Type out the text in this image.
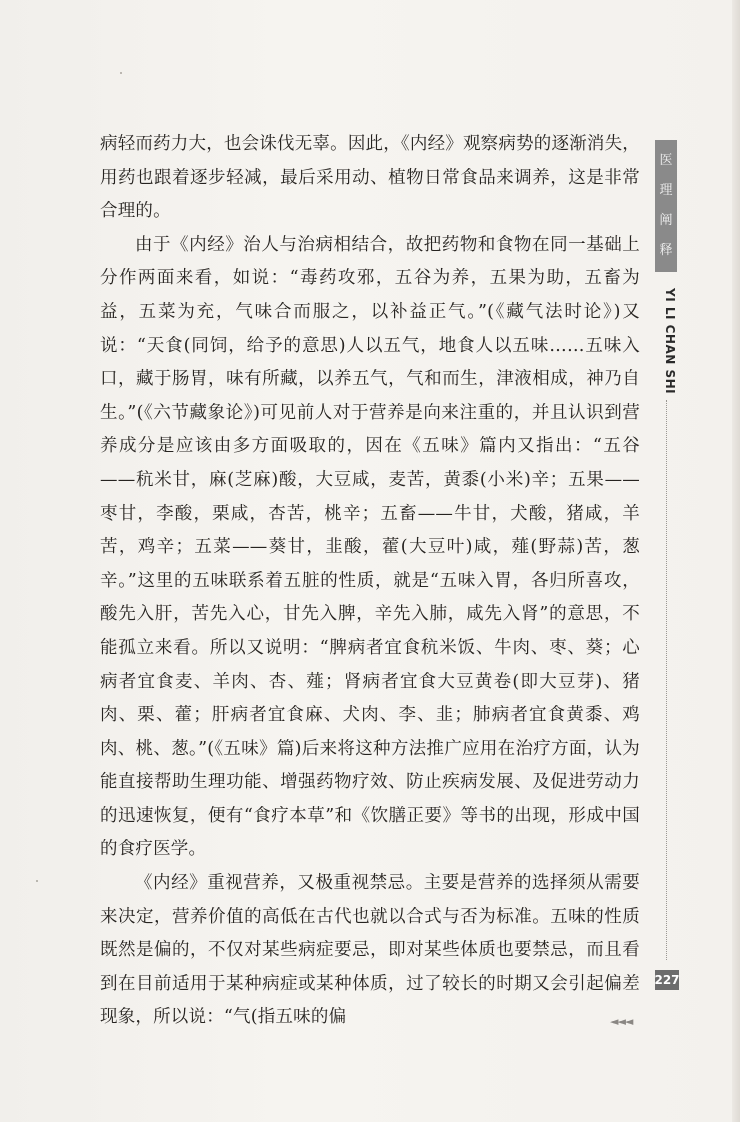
病轻而药力大，也会诛伐无辜。因此，《内经》观察病势的逐渐消失，用药也跟着逐步轻减，最后采用动、植物日常食品来调养，这是非常合理的。

由于《内经》治人与治病相结合，故把药物和食物在同一基础上分作两面来看，如说：“毒药攻邪，五谷为养，五果为助，五畜为益，五菜为充，气味合而服之，以补益正气。”(《藏气法时论》)又说：“天食(同饲，给予的意思)人以五气，地食人以五味……五味入口，藏于肠胃，味有所藏，以养五气，气和而生，津液相成，神乃自生。”(《六节藏象论》)可见前人对于营养是向来注重的，并且认识到营养成分是应该由多方面吸取的，因在《五味》篇内又指出：“五谷——秔米甘，麻(芝麻)酸，大豆咸，麦苦，黄黍(小米)辛；五果——枣甘，李酸，栗咸，杏苦，桃辛；五畜——牛甘，犬酸，猪咸，羊苦，鸡辛；五菜——葵甘，韭酸，藿(大豆叶)咸，薤(野蒜)苦，葱辛。”这里的五味联系着五脏的性质，就是“五味入胃，各归所喜攻，酸先入肝，苦先入心，甘先入脾，辛先入肺，咸先入肾”的意思，不能孤立来看。所以又说明：“脾病者宜食秔米饭、牛肉、枣、葵；心病者宜食麦、羊肉、杏、薤；肾病者宜食大豆黄卷(即大豆芽)、猪肉、栗、藿；肝病者宜食麻、犬肉、李、韭；肺病者宜食黄黍、鸡肉、桃、葱。”(《五味》篇)后来将这种方法推广应用在治疗方面，认为能直接帮助生理功能、增强药物疗效、防止疾病发展、及促进劳动力的迅速恢复，便有“食疗本草”和《饮膳正要》等书的出现，形成中国的食疗医学。

《内经》重视营养，又极重视禁忌。主要是营养的选择须从需要来决定，营养价值的高低在古代也就以合式与否为标准。五味的性质既然是偏的，不仅对某些病症要忌，即对某些体质也要禁忌，而且看到在目前适用于某种病症或某种体质，过了较长的时期又会引起偏差现象，所以说：“气(指五味的偏

医
理
阐
释
YI LI CHAN SHI
227
◄◄◄
